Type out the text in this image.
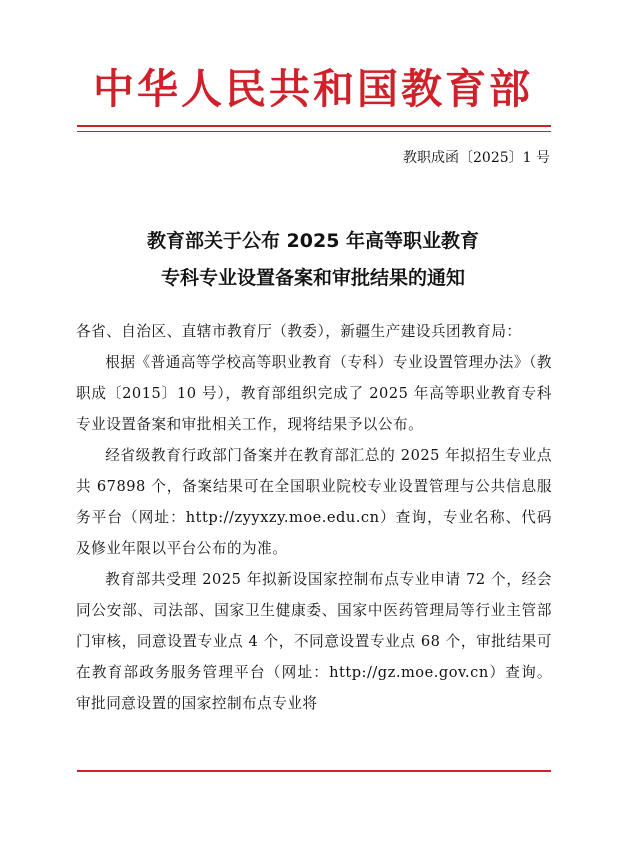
中华人民共和国教育部
教职成函〔2025〕1 号
教育部关于公布 2025 年高等职业教育
专科专业设置备案和审批结果的通知

各省、自治区、直辖市教育厅（教委），新疆生产建设兵团教育局：

根据《普通高等学校高等职业教育（专科）专业设置管理办法》（教职成〔2015〕10 号），教育部组织完成了 2025 年高等职业教育专科专业设置备案和审批相关工作，现将结果予以公布。

经省级教育行政部门备案并在教育部汇总的 2025 年拟招生专业点共 67898 个，备案结果可在全国职业院校专业设置管理与公共信息服务平台（网址：http://zyyxzy.moe.edu.cn）查询，专业名称、代码及修业年限以平台公布的为准。

教育部共受理 2025 年拟新设国家控制布点专业申请 72 个，经会同公安部、司法部、国家卫生健康委、国家中医药管理局等行业主管部门审核，同意设置专业点 4 个，不同意设置专业点 68 个，审批结果可在教育部政务服务管理平台（网址：http://gz.moe.gov.cn）查询。审批同意设置的国家控制布点专业将
